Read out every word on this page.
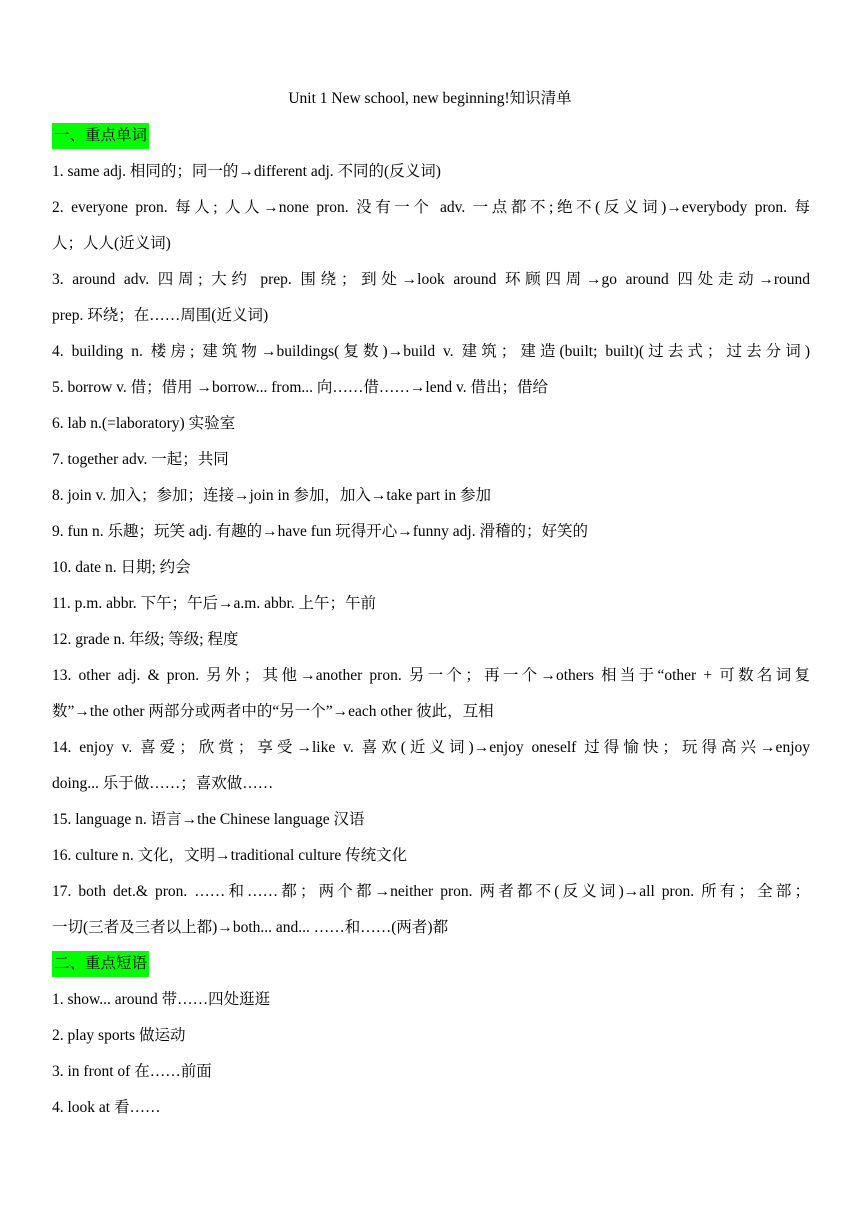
Unit 1 New school, new beginning!知识清单
一、重点单词
1. same adj. 相同的；同一的→different adj. 不同的(反义词)
2. everyone pron. 每人; 人人→none pron. 没有一个 adv. 一点都不;绝不(反义词)→everybody pron. 每
人；人人(近义词)
3. around adv. 四周; 大约 prep. 围绕；到处→look around 环顾四周→go around 四处走动→round
prep. 环绕；在……周围(近义词)
4. building n. 楼房; 建筑物→buildings(复数)→build v. 建筑；建造(built; built)(过去式；过去分词)
5. borrow v. 借；借用 →borrow... from... 向……借……→lend v. 借出；借给
6. lab n.(=laboratory) 实验室
7. together adv. 一起；共同
8. join v. 加入；参加；连接→join in 参加，加入→take part in 参加
9. fun n. 乐趣；玩笑 adj. 有趣的→have fun 玩得开心→funny adj. 滑稽的；好笑的
10. date n. 日期; 约会
11. p.m. abbr. 下午；午后→a.m. abbr. 上午；午前
12. grade n. 年级; 等级; 程度
13. other adj. & pron. 另外；其他→another pron. 另一个；再一个→others 相当于“other + 可数名词复
数”→the other 两部分或两者中的“另一个”→each other 彼此，互相
14. enjoy v. 喜爱；欣赏；享受→like v. 喜欢(近义词)→enjoy oneself 过得愉快；玩得高兴→enjoy
doing... 乐于做……；喜欢做……
15. language n. 语言→the Chinese language 汉语
16. culture n. 文化，文明→traditional culture 传统文化
17. both det.& pron. ……和……都；两个都→neither pron. 两者都不(反义词)→all pron. 所有；全部；
一切(三者及三者以上都)→both... and... ……和……(两者)都
二、重点短语
1. show... around 带……四处逛逛
2. play sports 做运动
3. in front of 在……前面
4. look at 看……
